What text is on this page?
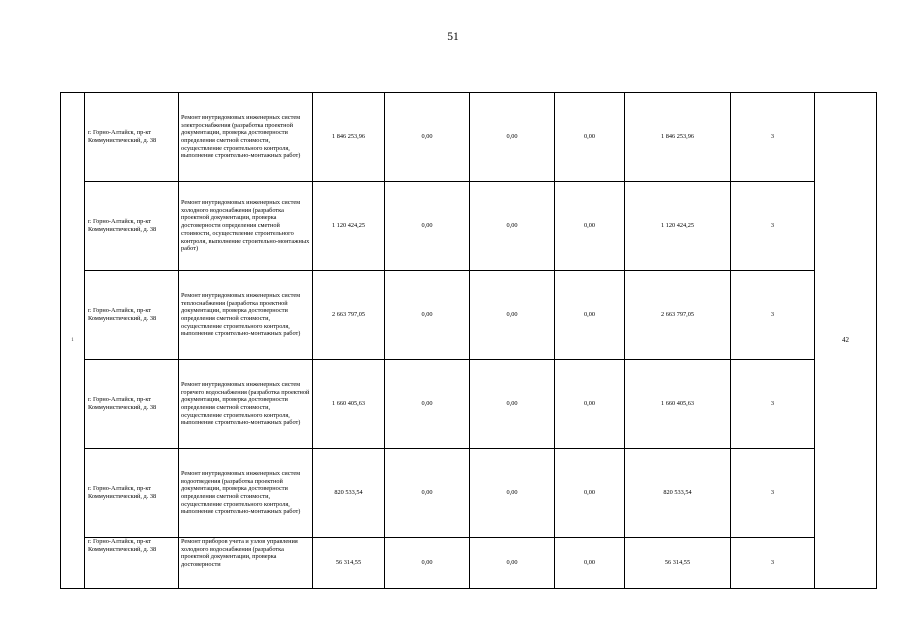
51
1	г. Горно-Алтайск, пр-кт Коммунистический, д. 38	Ремонт внутридомовых инженерных систем электроснабжения (разработка проектной документации, проверка достоверности определения сметной стоимости, осуществление строительного контроля, выполнение строительно-монтажных работ)	1 846 253,96	0,00	0,00	0,00	1 846 253,96	3	42
	г. Горно-Алтайск, пр-кт Коммунистический, д. 38	Ремонт внутридомовых инженерных систем холодного водоснабжения (разработка проектной документации, проверка достоверности определения сметной стоимости, осуществление строительного контроля, выполнение строительно-монтажных работ)	1 120 424,25	0,00	0,00	0,00	1 120 424,25	3	
	г. Горно-Алтайск, пр-кт Коммунистический, д. 38	Ремонт внутридомовых инженерных систем теплоснабжения (разработка проектной документации, проверка достоверности определения сметной стоимости, осуществление строительного контроля, выполнение строительно-монтажных работ)	2 663 797,05	0,00	0,00	0,00	2 663 797,05	3	
	г. Горно-Алтайск, пр-кт Коммунистический, д. 38	Ремонт внутридомовых инженерных систем горячего водоснабжения (разработка проектной документации, проверка достоверности определения сметной стоимости, осуществление строительного контроля, выполнение строительно-монтажных работ)	1 660 405,63	0,00	0,00	0,00	1 660 405,63	3	
	г. Горно-Алтайск, пр-кт Коммунистический, д. 38	Ремонт внутридомовых инженерных систем водоотведения (разработка проектной документации, проверка достоверности определения сметной стоимости, осуществление строительного контроля, выполнение строительно-монтажных работ)	820 533,54	0,00	0,00	0,00	820 533,54	3	
	г. Горно-Алтайск, пр-кт Коммунистический, д. 38	Ремонт приборов учета и узлов управления холодного водоснабжения (разработка проектной документации, проверка достоверности	56 314,55	0,00	0,00	0,00	56 314,55	3	
